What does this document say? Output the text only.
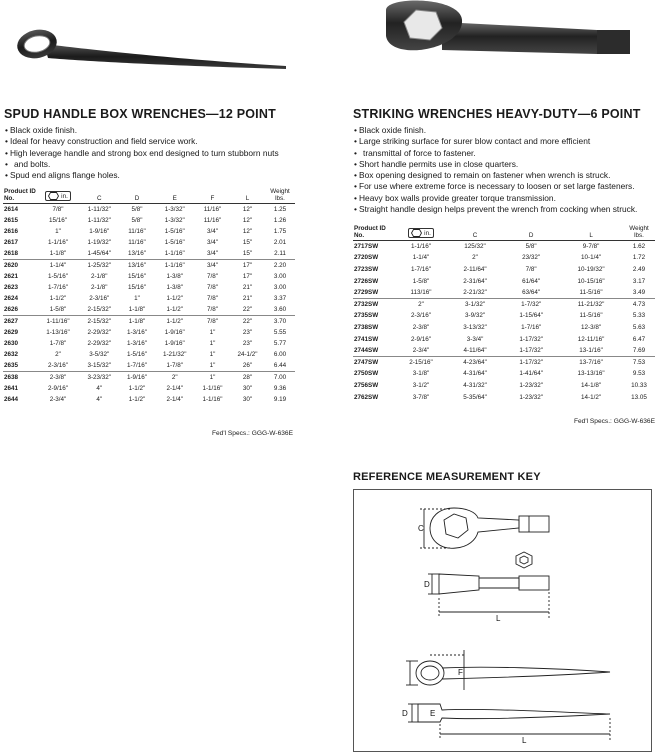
SPUD HANDLE BOX WRENCHES—12 POINT
• Black oxide finish.
• Ideal for heavy construction and field service work.
• High leverage handle and strong box end designed to turn stubborn nuts
• and bolts.
• Spud end aligns flange holes.
Product ID No.	in.	C	D	E	F	L	Weight lbs.
2614	7/8"	1-11/32"	5/8"	1-3/32"	11/16"	12"	1.25
2615	15/16"	1-11/32"	5/8"	1-3/32"	11/16"	12"	1.26
2616	1"	1-9/16"	11/16"	1-5/16"	3/4"	12"	1.75
2617	1-1/16"	1-19/32"	11/16"	1-5/16"	3/4"	15"	2.01
2618	1-1/8"	1-45/64"	13/16"	1-1/16"	3/4"	15"	2.11
2620	1-1/4"	1-25/32"	13/16"	1-1/16"	3/4"	17"	2.20
2621	1-5/16"	2-1/8"	15/16"	1-3/8"	7/8"	17"	3.00
2623	1-7/16"	2-1/8"	15/16"	1-3/8"	7/8"	21"	3.00
2624	1-1/2"	2-3/16"	1"	1-1/2"	7/8"	21"	3.37
2626	1-5/8"	2-15/32"	1-1/8"	1-1/2"	7/8"	22"	3.60
2627	1-11/16"	2-15/32"	1-1/8"	1-1/2"	7/8"	22"	3.70
2629	1-13/16"	2-29/32"	1-3/16"	1-9/16"	1"	23"	5.55
2630	1-7/8"	2-29/32"	1-3/16"	1-9/16"	1"	23"	5.77
2632	2"	3-5/32"	1-5/16"	1-21/32"	1"	24-1/2"	6.00
2635	2-3/16"	3-15/32"	1-7/16"	1-7/8"	1"	26"	6.44
2638	2-3/8"	3-23/32"	1-9/16"	2"	1"	28"	7.00
2641	2-9/16"	4"	1-1/2"	2-1/4"	1-1/16"	30"	9.36
2644	2-3/4"	4"	1-1/2"	2-1/4"	1-1/16"	30"	9.19
Fed'l Specs.: GGG-W-636E
STRIKING WRENCHES HEAVY-DUTY—6 POINT
• Black oxide finish.
• Large striking surface for surer blow contact and more efficient
• transmittal of force to fastener.
• Short handle permits use in close quarters.
• Box opening designed to remain on fastener when wrench is struck.
• For use where extreme force is necessary to loosen or set large fasteners.
• Heavy box walls provide greater torque transmission.
• Straight handle design helps prevent the wrench from cocking when struck.
Product ID No.	in.	C	D	L	Weight lbs.
2717SW	1-1/16"	125/32"	5/8"	9-7/8"	1.62
2720SW	1-1/4"	2"	23/32"	10-1/4"	1.72
2723SW	1-7/16"	2-11/64"	7/8"	10-19/32"	2.49
2726SW	1-5/8"	2-31/64"	61/64"	10-15/16"	3.17
2729SW	113/16"	2-21/32"	63/64"	11-5/16"	3.49
2732SW	2"	3-1/32"	1-7/32"	11-21/32"	4.73
2735SW	2-3/16"	3-9/32"	1-15/64"	11-5/16"	5.33
2738SW	2-3/8"	3-13/32"	1-7/16"	12-3/8"	5.63
2741SW	2-9/16"	3-3/4"	1-17/32"	12-11/16"	6.47
2744SW	2-3/4"	4-11/64"	1-17/32"	13-1/16"	7.69
2747SW	2-15/16"	4-23/64"	1-17/32"	13-7/16"	7.53
2750SW	3-1/8"	4-31/64"	1-41/64"	13-13/16"	9.53
2756SW	3-1/2"	4-31/32"	1-23/32"	14-1/8"	10.33
2762SW	3-7/8"	5-35/64"	1-23/32"	14-1/2"	13.05
Fed'l Specs.: GGG-W-636E
REFERENCE MEASUREMENT KEY
C
D
L
F
D	E
L
